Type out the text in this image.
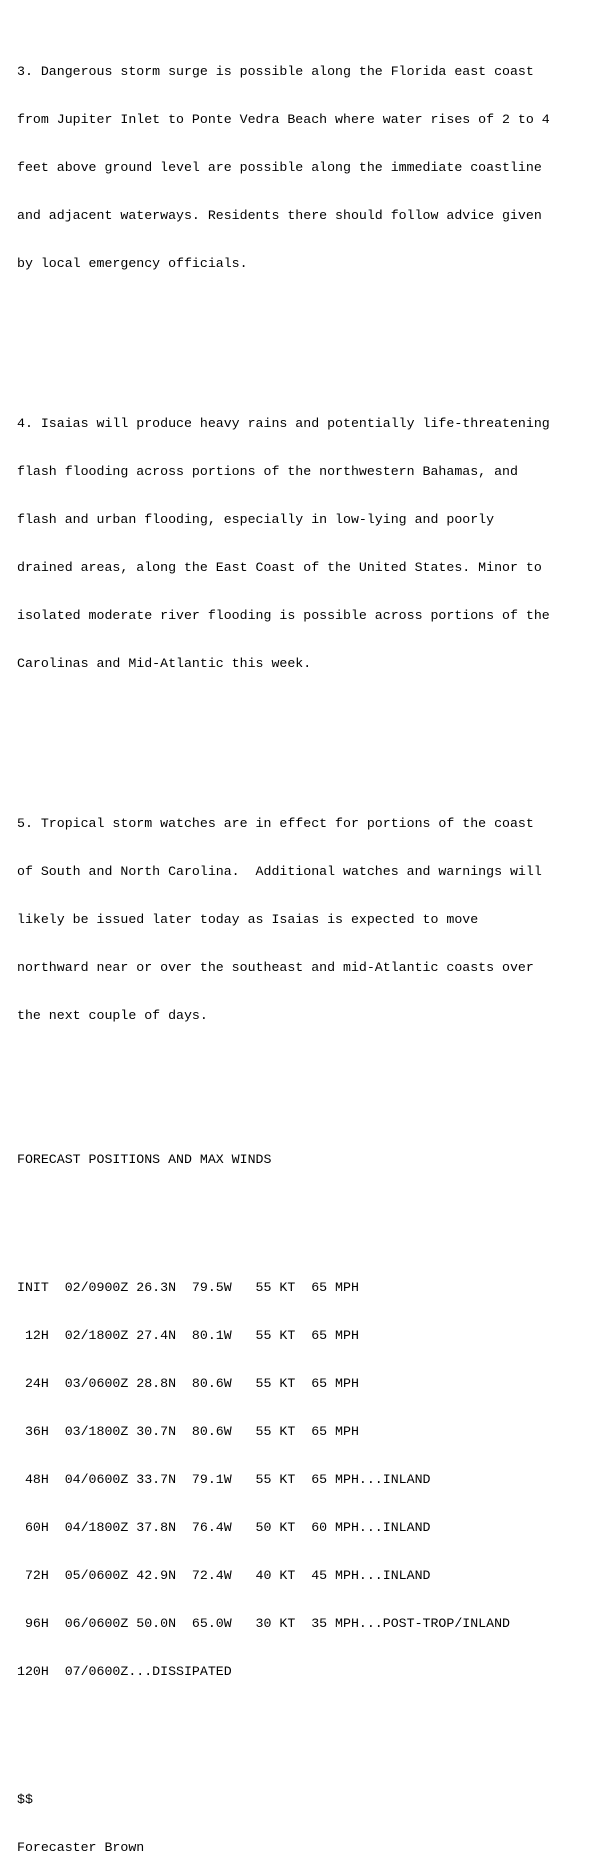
3. Dangerous storm surge is possible along the Florida east coast

from Jupiter Inlet to Ponte Vedra Beach where water rises of 2 to 4

feet above ground level are possible along the immediate coastline

and adjacent waterways. Residents there should follow advice given

by local emergency officials.

4. Isaias will produce heavy rains and potentially life-threatening

flash flooding across portions of the northwestern Bahamas, and

flash and urban flooding, especially in low-lying and poorly

drained areas, along the East Coast of the United States. Minor to

isolated moderate river flooding is possible across portions of the

Carolinas and Mid-Atlantic this week.

5. Tropical storm watches are in effect for portions of the coast

of South and North Carolina.  Additional watches and warnings will

likely be issued later today as Isaias is expected to move

northward near or over the southeast and mid-Atlantic coasts over

the next couple of days.

FORECAST POSITIONS AND MAX WINDS

INIT  02/0900Z 26.3N  79.5W   55 KT  65 MPH

12H  02/1800Z 27.4N  80.1W   55 KT  65 MPH

24H  03/0600Z 28.8N  80.6W   55 KT  65 MPH

36H  03/1800Z 30.7N  80.6W   55 KT  65 MPH

48H  04/0600Z 33.7N  79.1W   55 KT  65 MPH...INLAND

60H  04/1800Z 37.8N  76.4W   50 KT  60 MPH...INLAND

72H  05/0600Z 42.9N  72.4W   40 KT  45 MPH...INLAND

96H  06/0600Z 50.0N  65.0W   30 KT  35 MPH...POST-TROP/INLAND

120H  07/0600Z...DISSIPATED

$$

Forecaster Brown
